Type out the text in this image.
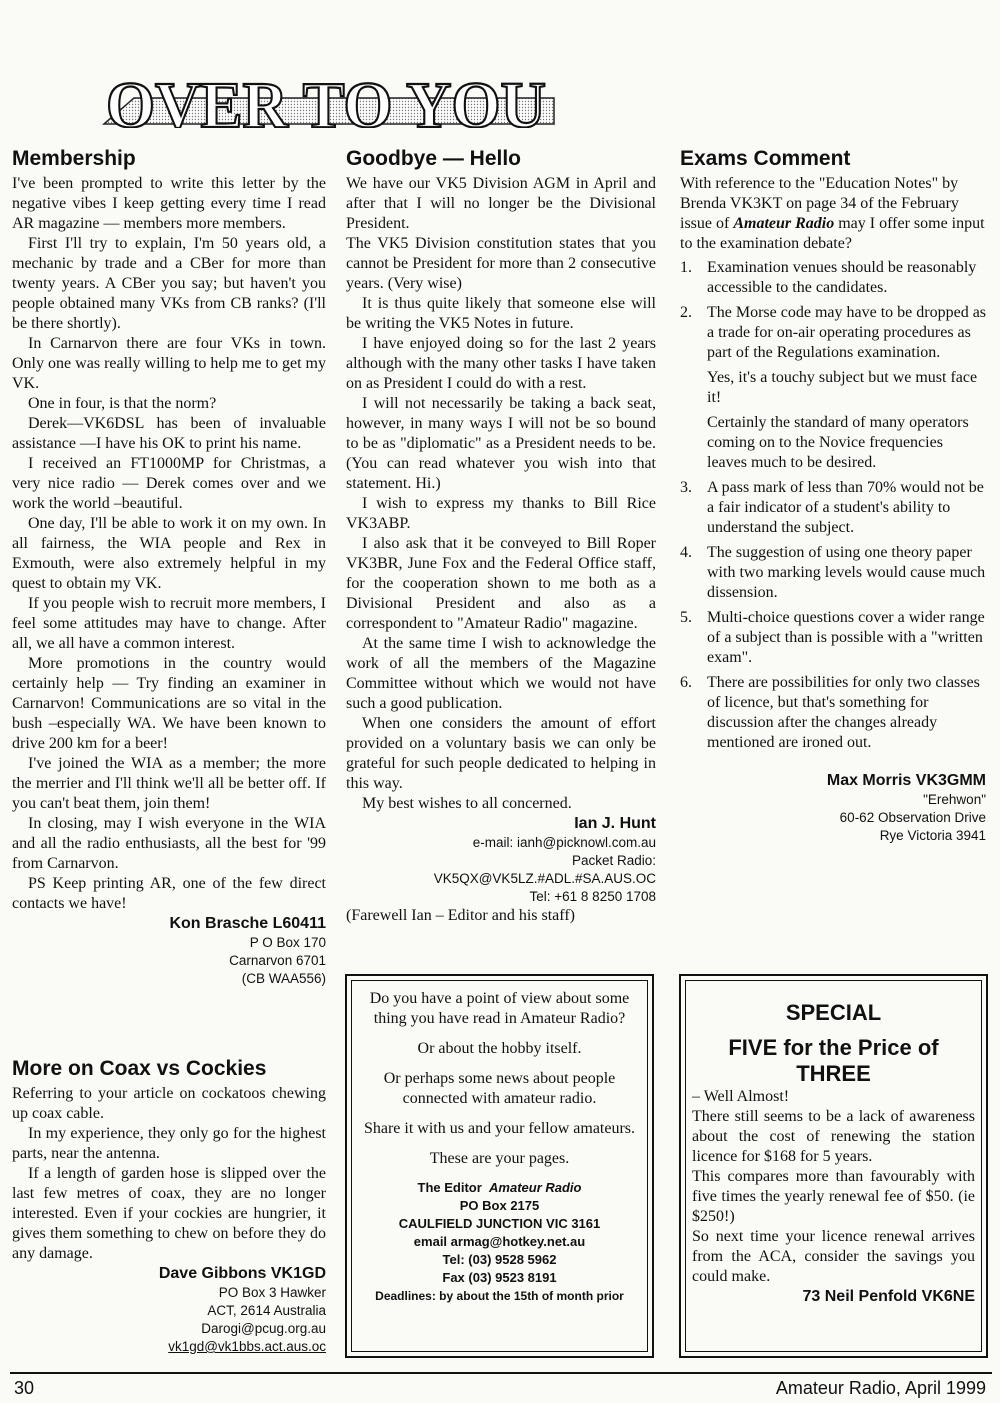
OVER TO YOU
Membership

I've been prompted to write this letter by the negative vibes I keep getting every time I read AR magazine — members more members.

First I'll try to explain, I'm 50 years old, a mechanic by trade and a CBer for more than twenty years. A CBer you say; but haven't you people obtained many VKs from CB ranks? (I'll be there shortly).

In Carnarvon there are four VKs in town. Only one was really willing to help me to get my VK.

One in four, is that the norm?

Derek—VK6DSL has been of invaluable assistance —I have his OK to print his name.

I received an FT1000MP for Christmas, a very nice radio — Derek comes over and we work the world –beautiful.

One day, I'll be able to work it on my own. In all fairness, the WIA people and Rex in Exmouth, were also extremely helpful in my quest to obtain my VK.

If you people wish to recruit more members, I feel some attitudes may have to change. After all, we all have a common interest.

More promotions in the country would certainly help — Try finding an examiner in Carnarvon! Communications are so vital in the bush –especially WA. We have been known to drive 200 km for a beer!

I've joined the WIA as a member; the more the merrier and I'll think we'll all be better off. If you can't beat them, join them!

In closing, may I wish everyone in the WIA and all the radio enthusiasts, all the best for '99 from Carnarvon.

PS Keep printing AR, one of the few direct contacts we have!

Kon Brasche L60411
P O Box 170
Carnarvon 6701
(CB WAA556)
More on Coax vs Cockies

Referring to your article on cockatoos chewing up coax cable.

In my experience, they only go for the highest parts, near the antenna.

If a length of garden hose is slipped over the last few metres of coax, they are no longer interested. Even if your cockies are hungrier, it gives them something to chew on before they do any damage.

Dave Gibbons VK1GD
PO Box 3 Hawker
ACT, 2614 Australia
Darogi@pcug.org.au
vk1gd@vk1bbs.act.aus.oc
Goodbye — Hello

We have our VK5 Division AGM in April and after that I will no longer be the Divisional President.

The VK5 Division constitution states that you cannot be President for more than 2 consecutive years. (Very wise)

It is thus quite likely that someone else will be writing the VK5 Notes in future.

I have enjoyed doing so for the last 2 years although with the many other tasks I have taken on as President I could do with a rest.

I will not necessarily be taking a back seat, however, in many ways I will not be so bound to be as "diplomatic" as a President needs to be. (You can read whatever you wish into that statement. Hi.)

I wish to express my thanks to Bill Rice VK3ABP.

I also ask that it be conveyed to Bill Roper VK3BR, June Fox and the Federal Office staff, for the cooperation shown to me both as a Divisional President and also as a correspondent to "Amateur Radio" magazine.

At the same time I wish to acknowledge the work of all the members of the Magazine Committee without which we would not have such a good publication.

When one considers the amount of effort provided on a voluntary basis we can only be grateful for such people dedicated to helping in this way.

My best wishes to all concerned.

Ian J. Hunt
e-mail: ianh@picknowl.com.au
Packet Radio:
VK5QX@VK5LZ.#ADL.#SA.AUS.OC
Tel: +61 8 8250 1708

(Farewell Ian – Editor and his staff)

Exams Comment

With reference to the "Education Notes" by Brenda VK3KT on page 34 of the February issue of Amateur Radio may I offer some input to the examination debate?

1. Examination venues should be reasonably accessible to the candidates.
2. The Morse code may have to be dropped as a trade for on-air operating procedures as part of the Regulations examination.
Yes, it's a touchy subject but we must face it!
Certainly the standard of many operators coming on to the Novice frequencies leaves much to be desired.
3. A pass mark of less than 70% would not be a fair indicator of a student's ability to understand the subject.
4. The suggestion of using one theory paper with two marking levels would cause much dissension.
5. Multi-choice questions cover a wider range of a subject than is possible with a "written exam".
6. There are possibilities for only two classes of licence, but that's something for discussion after the changes already mentioned are ironed out.
Max Morris VK3GMM
"Erehwon"
60-62 Observation Drive
Rye Victoria 3941

Do you have a point of view about some thing you have read in Amateur Radio?

Or about the hobby itself.

Or perhaps some news about people connected with amateur radio.

Share it with us and your fellow amateurs.

These are your pages.

The Editor Amateur Radio
PO Box 2175
CAULFIELD JUNCTION VIC 3161
email armag@hotkey.net.au
Tel: (03) 9528 5962
Fax (03) 9523 8191
Deadlines: by about the 15th of month prior
SPECIAL
FIVE for the Price of THREE

– Well Almost!

There still seems to be a lack of awareness about the cost of renewing the station licence for $168 for 5 years.

This compares more than favourably with five times the yearly renewal fee of $50. (ie $250!)

So next time your licence renewal arrives from the ACA, consider the savings you could make.

73 Neil Penfold VK6NE
30	Amateur Radio, April 1999
